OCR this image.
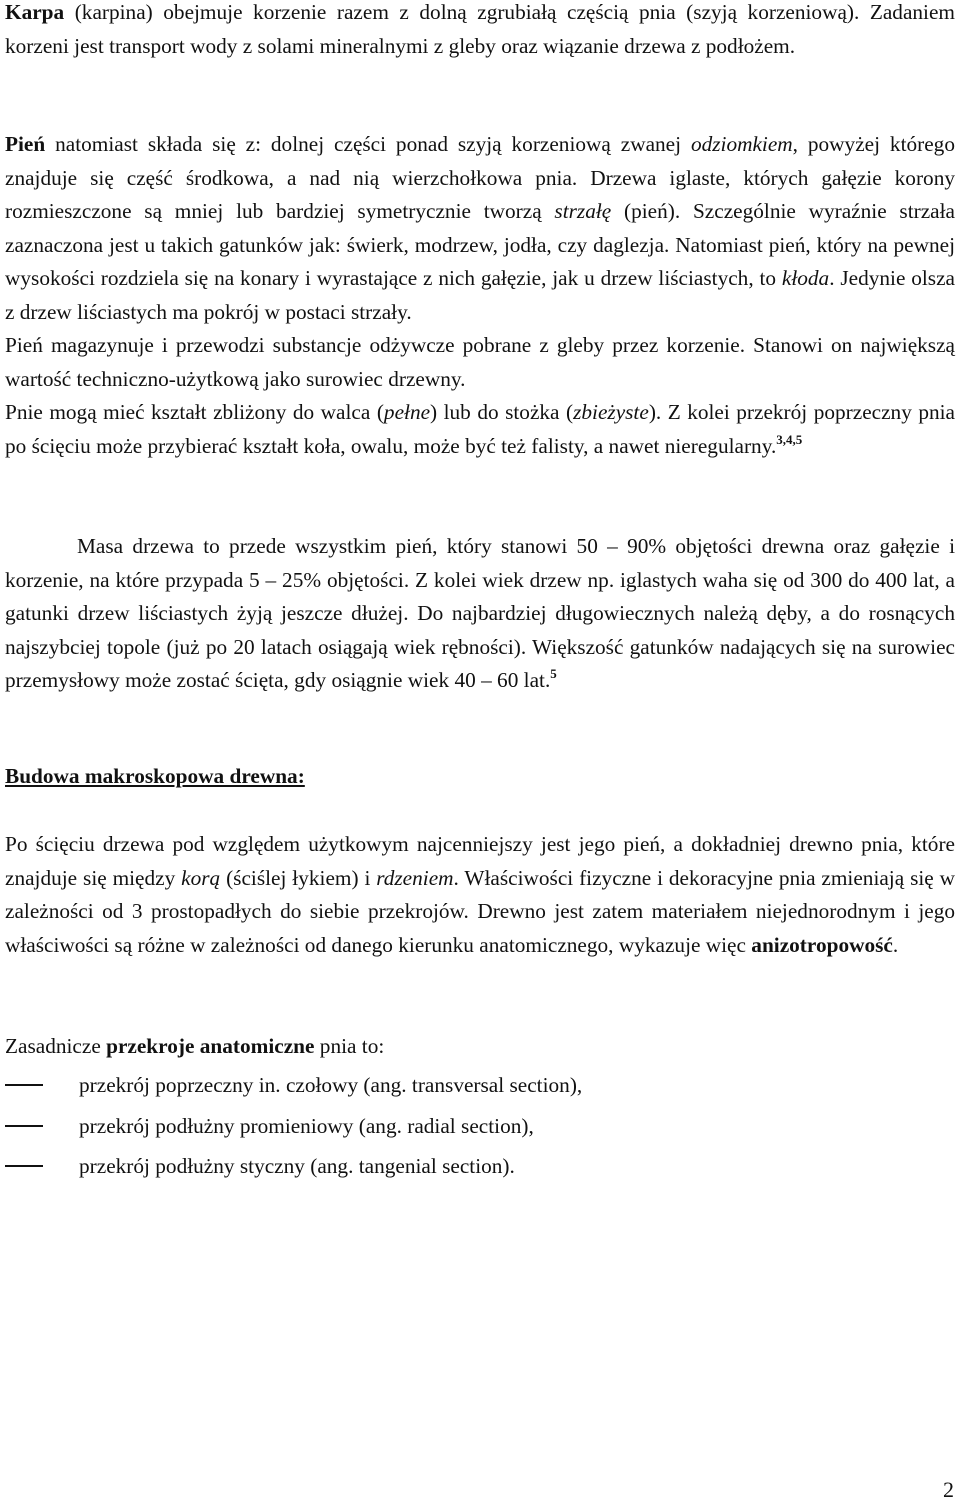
Karpa (karpina) obejmuje korzenie razem z dolną zgrubiałą częścią pnia (szyją korzeniową). Zadaniem korzeni jest transport wody z solami mineralnymi z gleby oraz wiązanie drzewa z podłożem.

Pień natomiast składa się z: dolnej części ponad szyją korzeniową zwanej odziomkiem, powyżej którego znajduje się część środkowa, a nad nią wierzchołkowa pnia. Drzewa iglaste, których gałęzie korony rozmieszczone są mniej lub bardziej symetrycznie tworzą strzałę (pień). Szczególnie wyraźnie strzała zaznaczona jest u takich gatunków jak: świerk, modrzew, jodła, czy daglezja. Natomiast pień, który na pewnej wysokości rozdziela się na konary i wyrastające z nich gałęzie, jak u drzew liściastych, to kłoda. Jedynie olsza z drzew liściastych ma pokrój w postaci strzały.
Pień magazynuje i przewodzi substancje odżywcze pobrane z gleby przez korzenie. Stanowi on największą wartość techniczno-użytkową jako surowiec drzewny.
Pnie mogą mieć kształt zbliżony do walca (pełne) lub do stożka (zbieżyste). Z kolei przekrój poprzeczny pnia po ścięciu może przybierać kształt koła, owalu, może być też falisty, a nawet nieregularny.$^{3,4,5}$

Masa drzewa to przede wszystkim pień, który stanowi 50 – 90% objętości drewna oraz gałęzie i korzenie, na które przypada 5 – 25% objętości. Z kolei wiek drzew np. iglastych waha się od 300 do 400 lat, a gatunki drzew liściastych żyją jeszcze dłużej. Do najbardziej długowiecznych należą dęby, a do rosnących najszybciej topole (już po 20 latach osiągają wiek rębności). Większość gatunków nadających się na surowiec przemysłowy może zostać ścięta, gdy osiągnie wiek 40 – 60 lat.$^5$

Budowa makroskopowa drewna:

Po ścięciu drzewa pod względem użytkowym najcenniejszy jest jego pień, a dokładniej drewno pnia, które znajduje się między korą (ściślej łykiem) i rdzeniem. Właściwości fizyczne i dekoracyjne pnia zmieniają się w zależności od 3 prostopadłych do siebie przekrojów. Drewno jest zatem materiałem niejednorodnym i jego właściwości są różne w zależności od danego kierunku anatomicznego, wykazuje więc anizotropowość.

Zasadnicze przekroje anatomiczne pnia to:

przekrój poprzeczny in. czołowy (ang. transversal section),
przekrój podłużny promieniowy (ang. radial section),
przekrój podłużny styczny (ang. tangenial section).
2
